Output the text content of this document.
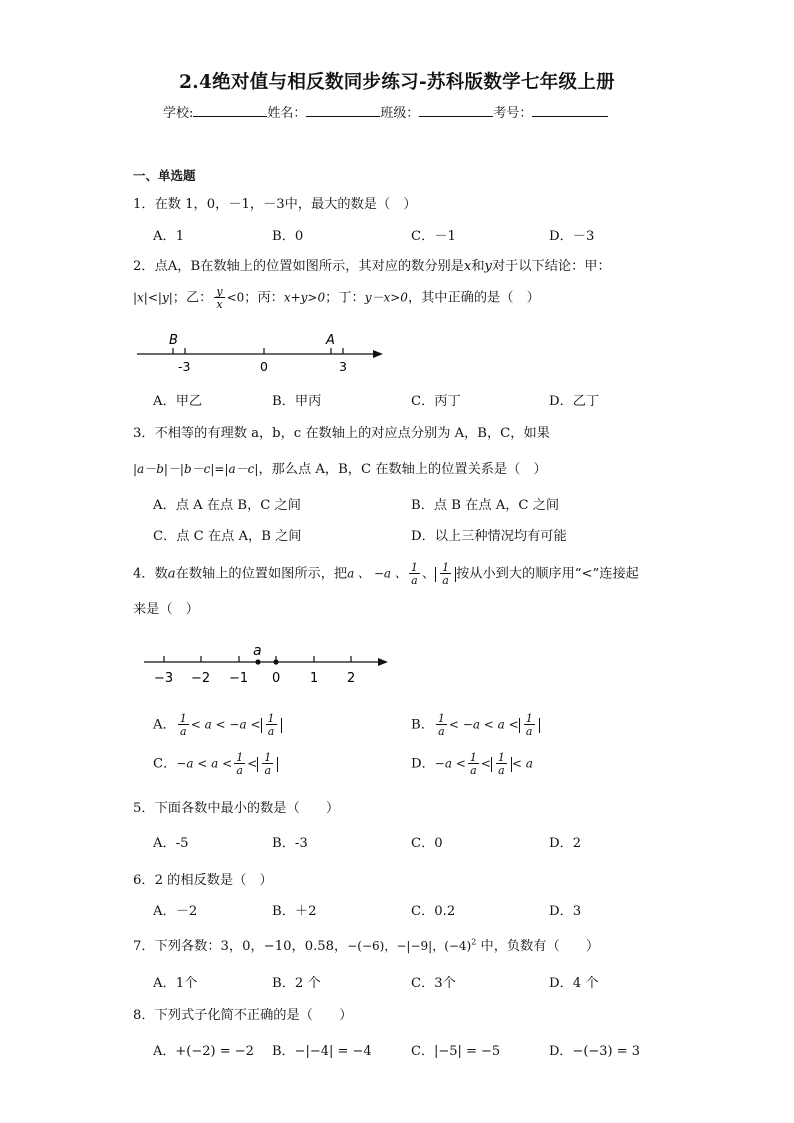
2.4绝对值与相反数同步练习-苏科版数学七年级上册
学校:	姓名：	班级：	考号：
一、单选题
1．在数 1，0，－1，－3中，最大的数是（　）
A．1	B．0	C．－1	D．－3
2．点A，B在数轴上的位置如图所示，其对应的数分别是x和y对于以下结论：甲：
|x|<|y|；乙： $\frac{y}{x} <0$；丙：x+y>0；丁：y－x>0，其中正确的是（　）
B	A
-3	0	3
A．甲乙	B．甲丙	C．丙丁	D．乙丁
3．不相等的有理数 a，b，c 在数轴上的对应点分别为 A，B，C，如果
|a－b|－|b－c|=|a－c|，那么点 A，B，C 在数轴上的位置关系是（　）
A．点 A 在点 B，C 之间	B．点 B 在点 A，C 之间
C．点 C 在点 A，B 之间	D．以上三种情况均有可能
4．数a在数轴上的位置如图所示，把a 、 −a 、 $\frac{1}{a}$ 、 $\frac{1}{a}$ 按从小到大的顺序用“<”连接起
来是（　）
a
−3 −2 −1 0 1 2
A． $\frac{1}{a} < a < -a < \frac{1}{a}$	B． $\frac{1}{a} < -a < a < \frac{1}{a}$
C．$-a < a < \frac{1}{a} < \frac{1}{a}$	D．$-a < \frac{1}{a} < \frac{1}{a} < a$
5．下面各数中最小的数是（　　）
A．-5	B．-3	C．0	D．2
6．2 的相反数是（　）
A．－2	B．＋2	C．0.2	D．3
7．下列各数：3，0，−10，0.58，−(−6)，−|−9|，$(-4)^2$ 中，负数有（　　）
A．1个	B．2 个	C．3个	D．4 个
8．下列式子化简不正确的是（　　）
A．+(−2) = −2 B．−|−4| = −4	C．|−5| = −5	D．−(−3) = 3
